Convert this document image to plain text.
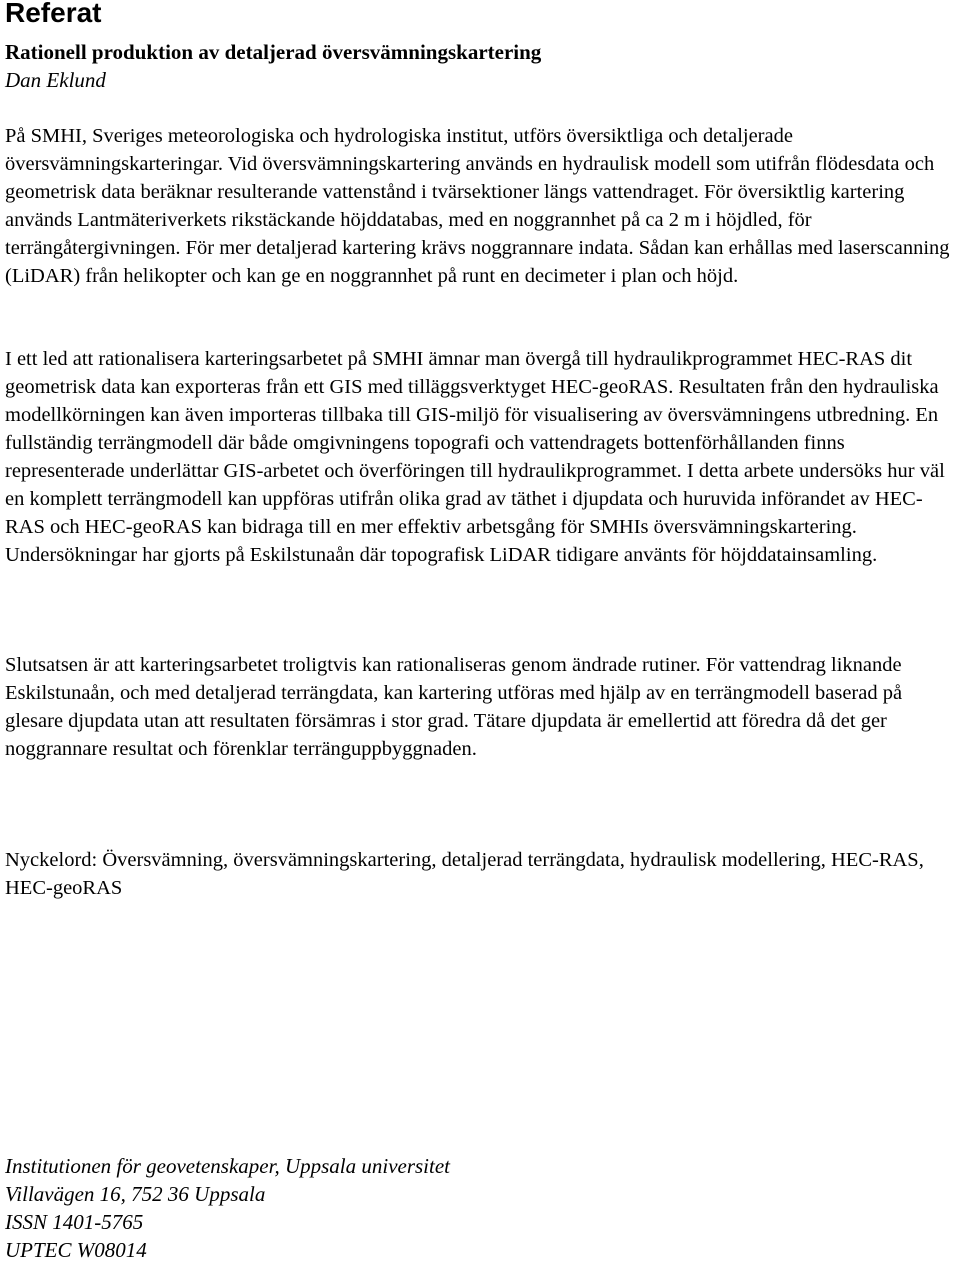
Referat
Rationell produktion av detaljerad översvämningskartering
Dan Eklund

På SMHI, Sveriges meteorologiska och hydrologiska institut, utförs översiktliga och detaljerade översvämningskarteringar. Vid översvämningskartering används en hydraulisk modell som utifrån flödesdata och geometrisk data beräknar resulterande vattenstånd i tvärsektioner längs vattendraget. För översiktlig kartering används Lantmäteriverkets rikstäckande höjddatabas, med en noggrannhet på ca 2 m i höjdled, för terrängåtergivningen. För mer detaljerad kartering krävs noggrannare indata. Sådan kan erhållas med laserscanning (LiDAR) från helikopter och kan ge en noggrannhet på runt en decimeter i plan och höjd.

I ett led att rationalisera karteringsarbetet på SMHI ämnar man övergå till hydraulikprogrammet HEC-RAS dit geometrisk data kan exporteras från ett GIS med tilläggsverktyget HEC-geoRAS. Resultaten från den hydrauliska modellkörningen kan även importeras tillbaka till GIS-miljö för visualisering av översvämningens utbredning. En fullständig terrängmodell där både omgivningens topografi och vattendragets bottenförhållanden finns representerade underlättar GIS-arbetet och överföringen till hydraulikprogrammet. I detta arbete undersöks hur väl en komplett terrängmodell kan uppföras utifrån olika grad av täthet i djupdata och huruvida införandet av HEC-RAS och HEC-geoRAS kan bidraga till en mer effektiv arbetsgång för SMHIs översvämningskartering. Undersökningar har gjorts på Eskilstunaån där topografisk LiDAR tidigare använts för höjddatainsamling.

Slutsatsen är att karteringsarbetet troligtvis kan rationaliseras genom ändrade rutiner. För vattendrag liknande Eskilstunaån, och med detaljerad terrängdata, kan kartering utföras med hjälp av en terrängmodell baserad på glesare djupdata utan att resultaten försämras i stor grad. Tätare djupdata är emellertid att föredra då det ger noggrannare resultat och förenklar terränguppbyggnaden.

Nyckelord: Översvämning, översvämningskartering, detaljerad terrängdata, hydraulisk modellering, HEC-RAS, HEC-geoRAS

Institutionen för geovetenskaper, Uppsala universitet
Villavägen 16, 752 36 Uppsala
ISSN 1401-5765
UPTEC W08014
